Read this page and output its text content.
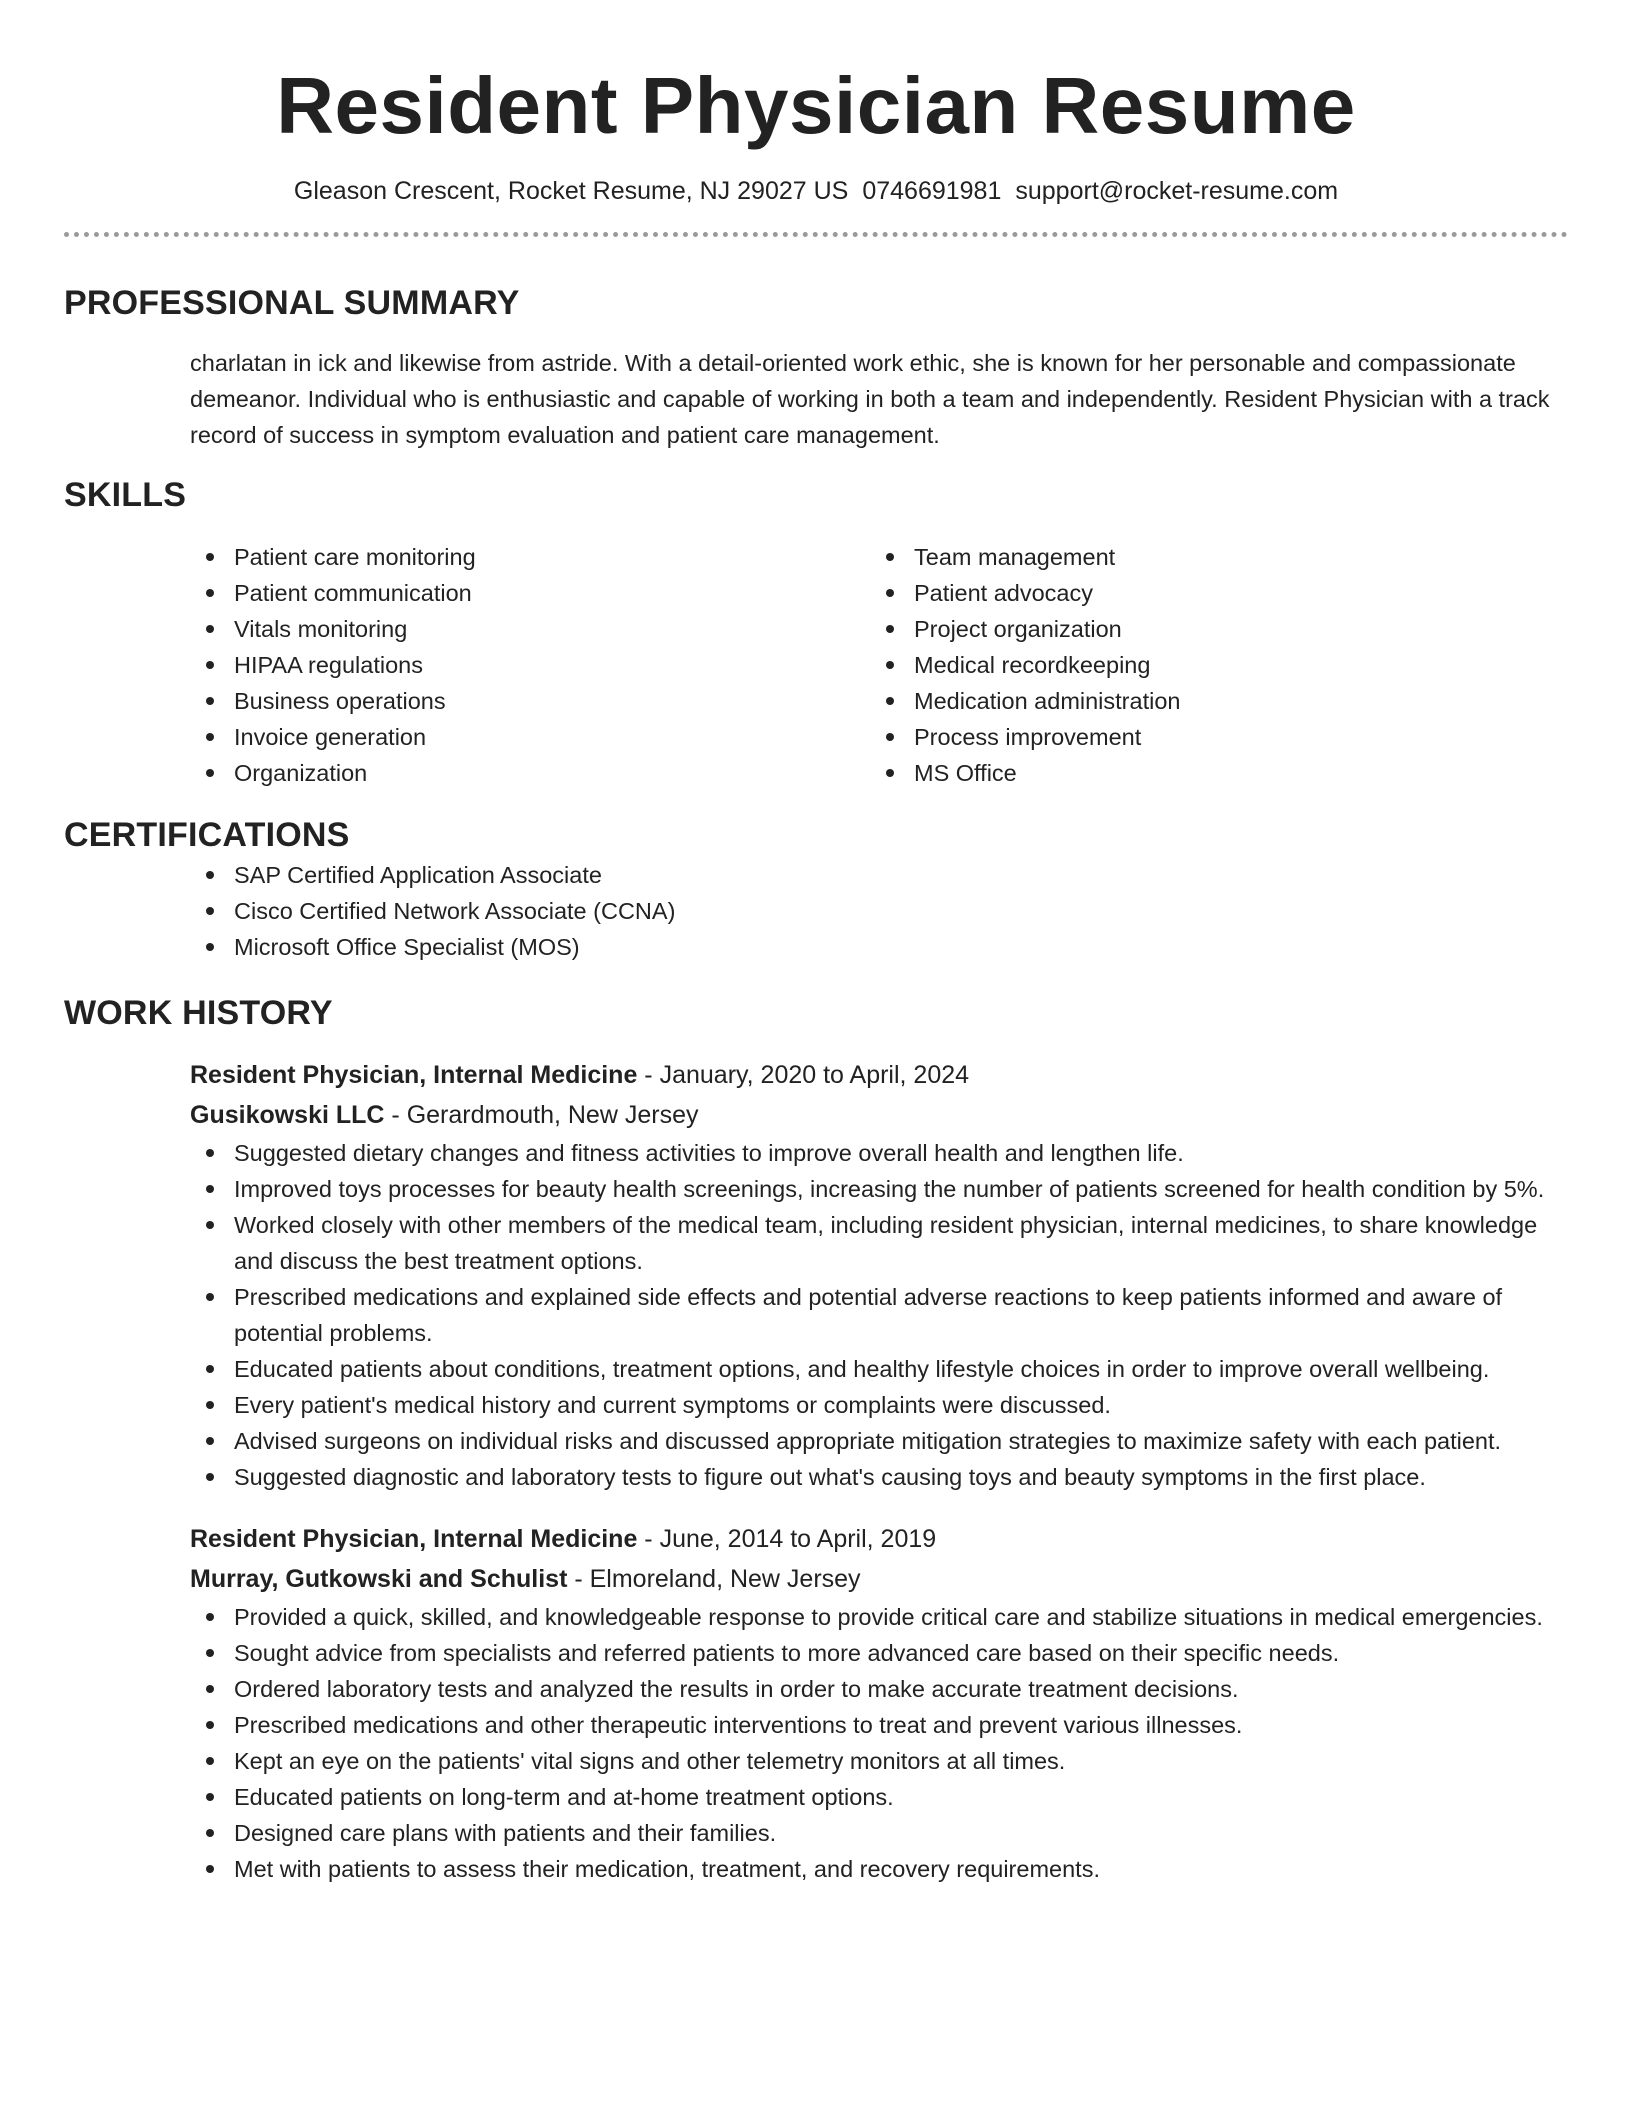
Resident Physician Resume
Gleason Crescent, Rocket Resume, NJ 29027 US 0746691981 support@rocket-resume.com
PROFESSIONAL SUMMARY

charlatan in ick and likewise from astride. With a detail-oriented work ethic, she is known for her personable and compassionate demeanor. Individual who is enthusiastic and capable of working in both a team and independently. Resident Physician with a track record of success in symptom evaluation and patient care management.

SKILLS
Patient care monitoring
Patient communication
Vitals monitoring
HIPAA regulations
Business operations
Invoice generation
Organization
Team management
Patient advocacy
Project organization
Medical recordkeeping
Medication administration
Process improvement
MS Office
CERTIFICATIONS
SAP Certified Application Associate
Cisco Certified Network Associate (CCNA)
Microsoft Office Specialist (MOS)
WORK HISTORY
Resident Physician, Internal Medicine - January, 2020 to April, 2024
Gusikowski LLC - Gerardmouth, New Jersey
Suggested dietary changes and fitness activities to improve overall health and lengthen life.
Improved toys processes for beauty health screenings, increasing the number of patients screened for health condition by 5%.
Worked closely with other members of the medical team, including resident physician, internal medicines, to share knowledge and discuss the best treatment options.
Prescribed medications and explained side effects and potential adverse reactions to keep patients informed and aware of potential problems.
Educated patients about conditions, treatment options, and healthy lifestyle choices in order to improve overall wellbeing.
Every patient's medical history and current symptoms or complaints were discussed.
Advised surgeons on individual risks and discussed appropriate mitigation strategies to maximize safety with each patient.
Suggested diagnostic and laboratory tests to figure out what's causing toys and beauty symptoms in the first place.
Resident Physician, Internal Medicine - June, 2014 to April, 2019
Murray, Gutkowski and Schulist - Elmoreland, New Jersey
Provided a quick, skilled, and knowledgeable response to provide critical care and stabilize situations in medical emergencies.
Sought advice from specialists and referred patients to more advanced care based on their specific needs.
Ordered laboratory tests and analyzed the results in order to make accurate treatment decisions.
Prescribed medications and other therapeutic interventions to treat and prevent various illnesses.
Kept an eye on the patients' vital signs and other telemetry monitors at all times.
Educated patients on long-term and at-home treatment options.
Designed care plans with patients and their families.
Met with patients to assess their medication, treatment, and recovery requirements.
